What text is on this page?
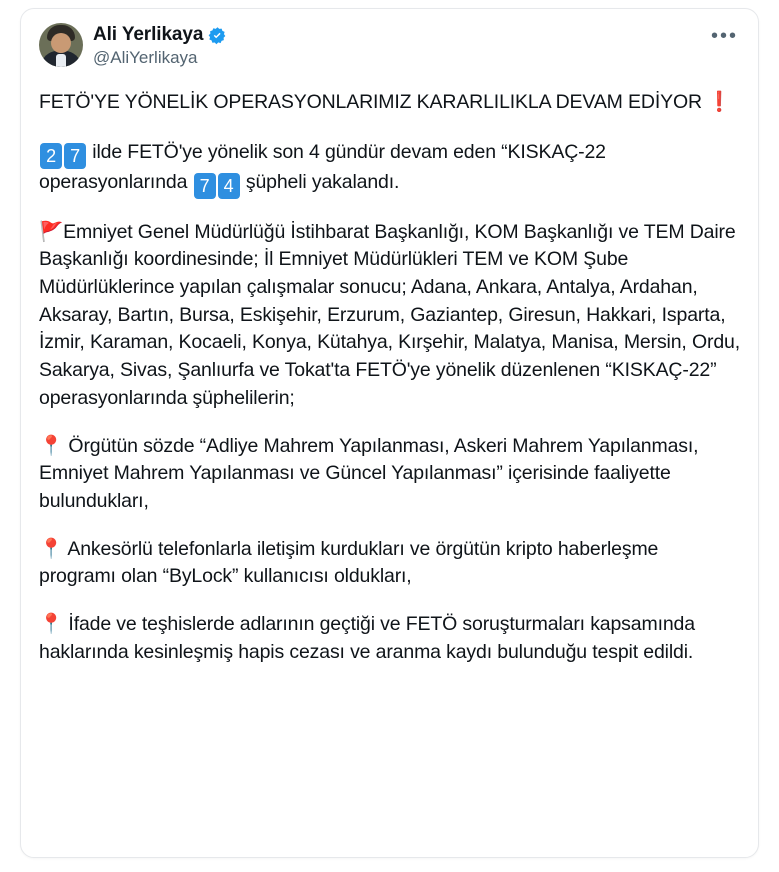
Ali Yerlikaya
@AliYerlikaya
•••

FETÖ'YE YÖNELİK OPERASYONLARIMIZ KARARLILIKLA DEVAM EDİYOR ❗

2 7 ilde FETÖ'ye yönelik son 4 gündür devam eden “KISKAÇ-22 operasyonlarında 7 4 şüpheli yakalandı.

🚩Emniyet Genel Müdürlüğü İstihbarat Başkanlığı, KOM Başkanlığı ve TEM Daire Başkanlığı koordinesinde; İl Emniyet Müdürlükleri TEM ve KOM Şube Müdürlüklerince yapılan çalışmalar sonucu; Adana, Ankara, Antalya, Ardahan, Aksaray, Bartın, Bursa, Eskişehir, Erzurum, Gaziantep, Giresun, Hakkari, Isparta, İzmir, Karaman, Kocaeli, Konya, Kütahya, Kırşehir, Malatya, Manisa, Mersin, Ordu, Sakarya, Sivas, Şanlıurfa ve Tokat'ta FETÖ'ye yönelik düzenlenen “KISKAÇ-22” operasyonlarında şüphelilerin;

📍 Örgütün sözde “Adliye Mahrem Yapılanması, Askeri Mahrem Yapılanması, Emniyet Mahrem Yapılanması ve Güncel Yapılanması” içerisinde faaliyette bulundukları,

📍 Ankesörlü telefonlarla iletişim kurdukları ve örgütün kripto haberleşme programı olan “ByLock” kullanıcısı oldukları,

📍 İfade ve teşhislerde adlarının geçtiği ve FETÖ soruşturmaları kapsamında haklarında kesinleşmiş hapis cezası ve aranma kaydı bulunduğu tespit edildi.
